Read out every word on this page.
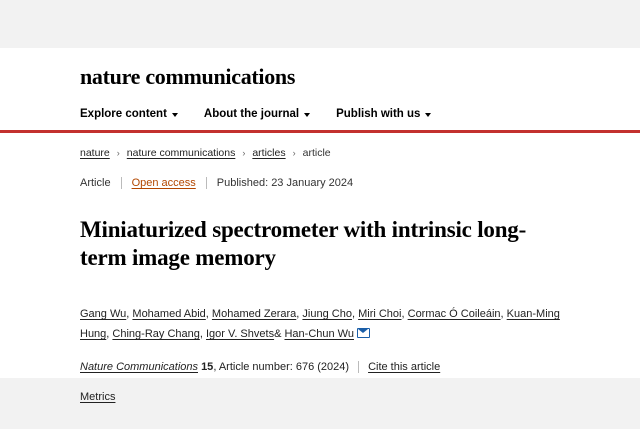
nature communications
Explore content	About the journal	Publish with us
nature › nature communications › articles › article
Article Open access Published: 23 January 2024
Miniaturized spectrometer with intrinsic long-term image memory
Gang Wu, Mohamed Abid, Mohamed Zerara, Jiung Cho, Miri Choi, Cormac Ó Coileáin, Kuan-Ming Hung, Ching-Ray Chang, Igor V. Shvets& Han-Chun Wu
Nature Communications 15, Article number: 676 (2024) Cite this article
Metrics
